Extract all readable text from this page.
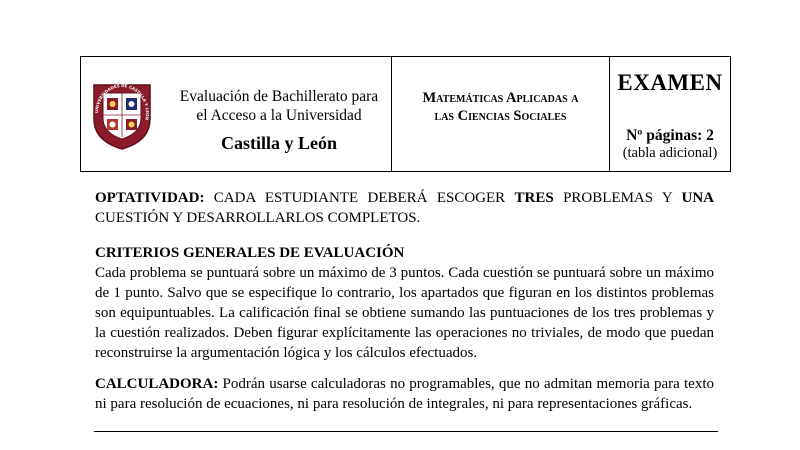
UNIVERSIDADES DE CASTILLA Y LEÓN
Evaluación de Bachillerato para
el Acceso a la Universidad
Castilla y León
Matemáticas Aplicadas a
las Ciencias Sociales
EXAMEN
Nº páginas: 2
(tabla adicional)
OPTATIVIDAD: CADA ESTUDIANTE DEBERÁ ESCOGER TRES PROBLEMAS Y UNA CUESTIÓN Y DESARROLLARLOS COMPLETOS.
CRITERIOS GENERALES DE EVALUACIÓN
Cada problema se puntuará sobre un máximo de 3 puntos. Cada cuestión se puntuará sobre un máximo de 1 punto. Salvo que se especifique lo contrario, los apartados que figuran en los distintos problemas son equipuntuables. La calificación final se obtiene sumando las puntuaciones de los tres problemas y la cuestión realizados. Deben figurar explícitamente las operaciones no triviales, de modo que puedan reconstruirse la argumentación lógica y los cálculos efectuados.
CALCULADORA: Podrán usarse calculadoras no programables, que no admitan memoria para texto ni para resolución de ecuaciones, ni para resolución de integrales, ni para representaciones gráficas.
